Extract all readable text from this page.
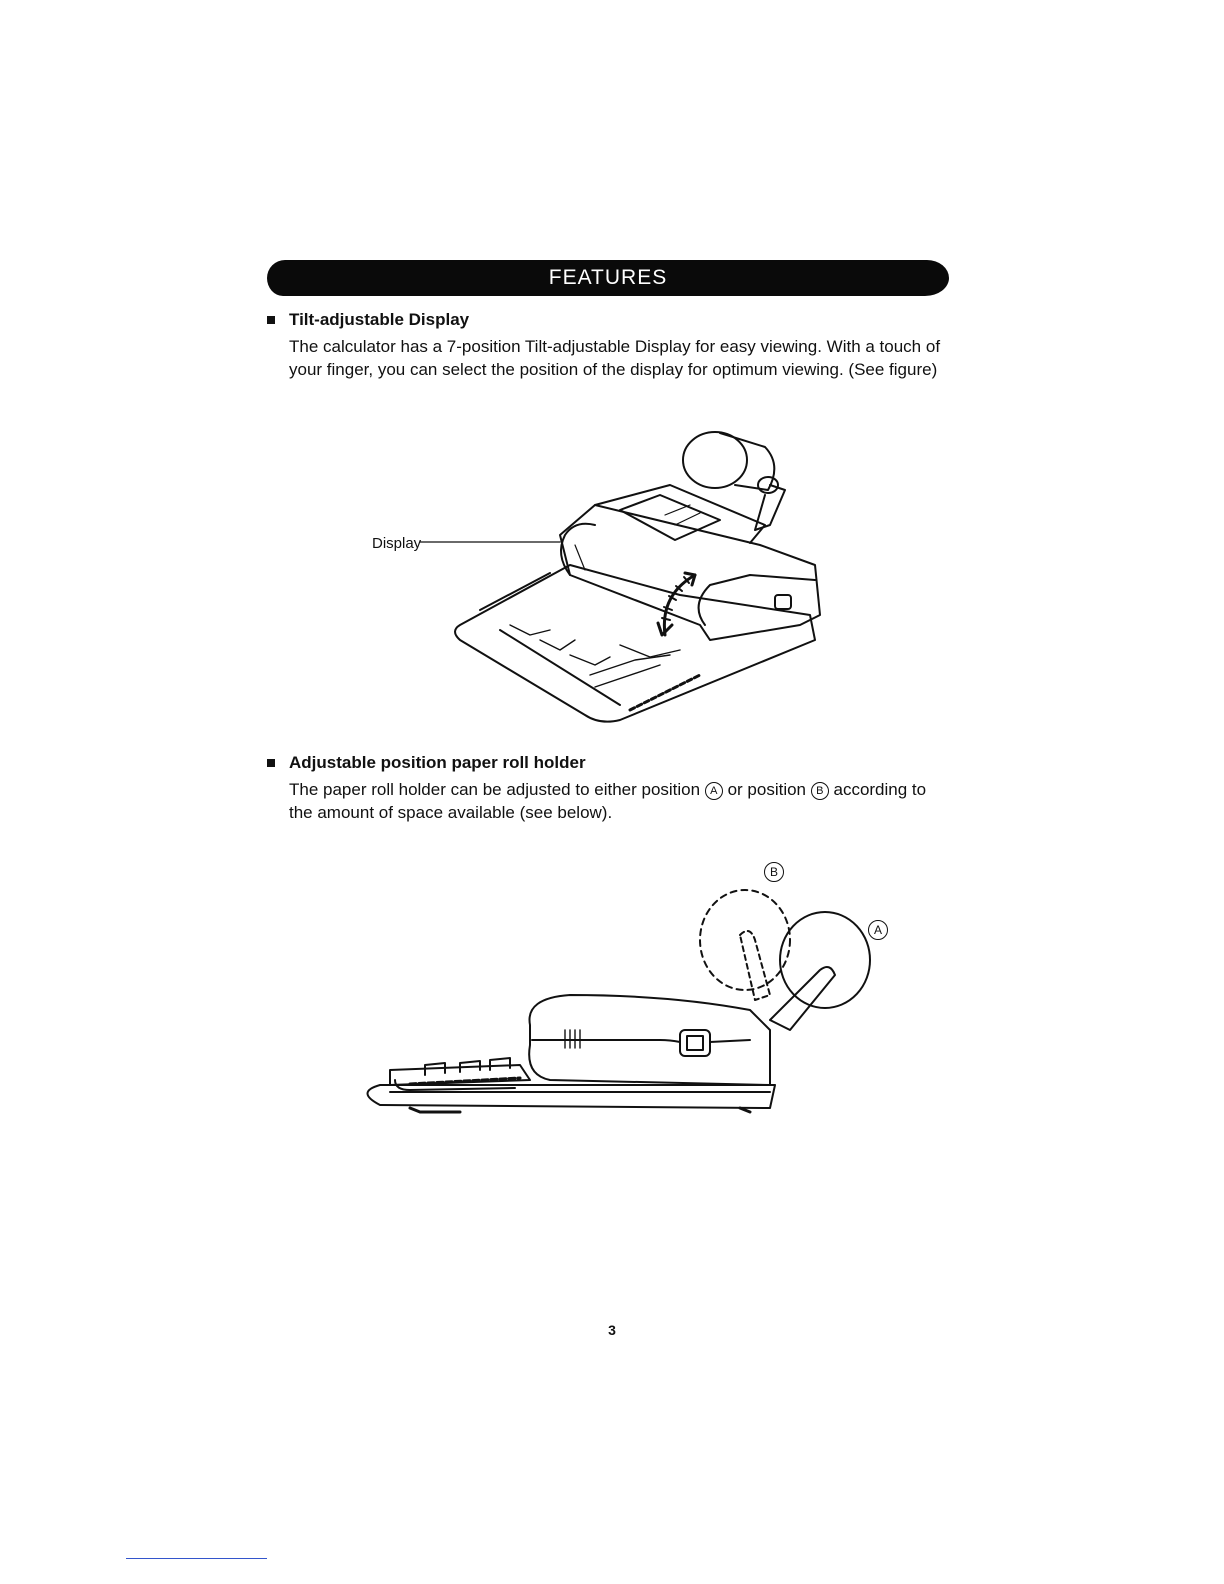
FEATURES
Tilt-adjustable Display
The calculator has a 7-position Tilt-adjustable Display for easy viewing. With a touch of your finger, you can select the position of the display for optimum viewing. (See figure)
Display
Adjustable position paper roll holder
The paper roll holder can be adjusted to either position A or position B according to the amount of space available (see below).
B
A
3
